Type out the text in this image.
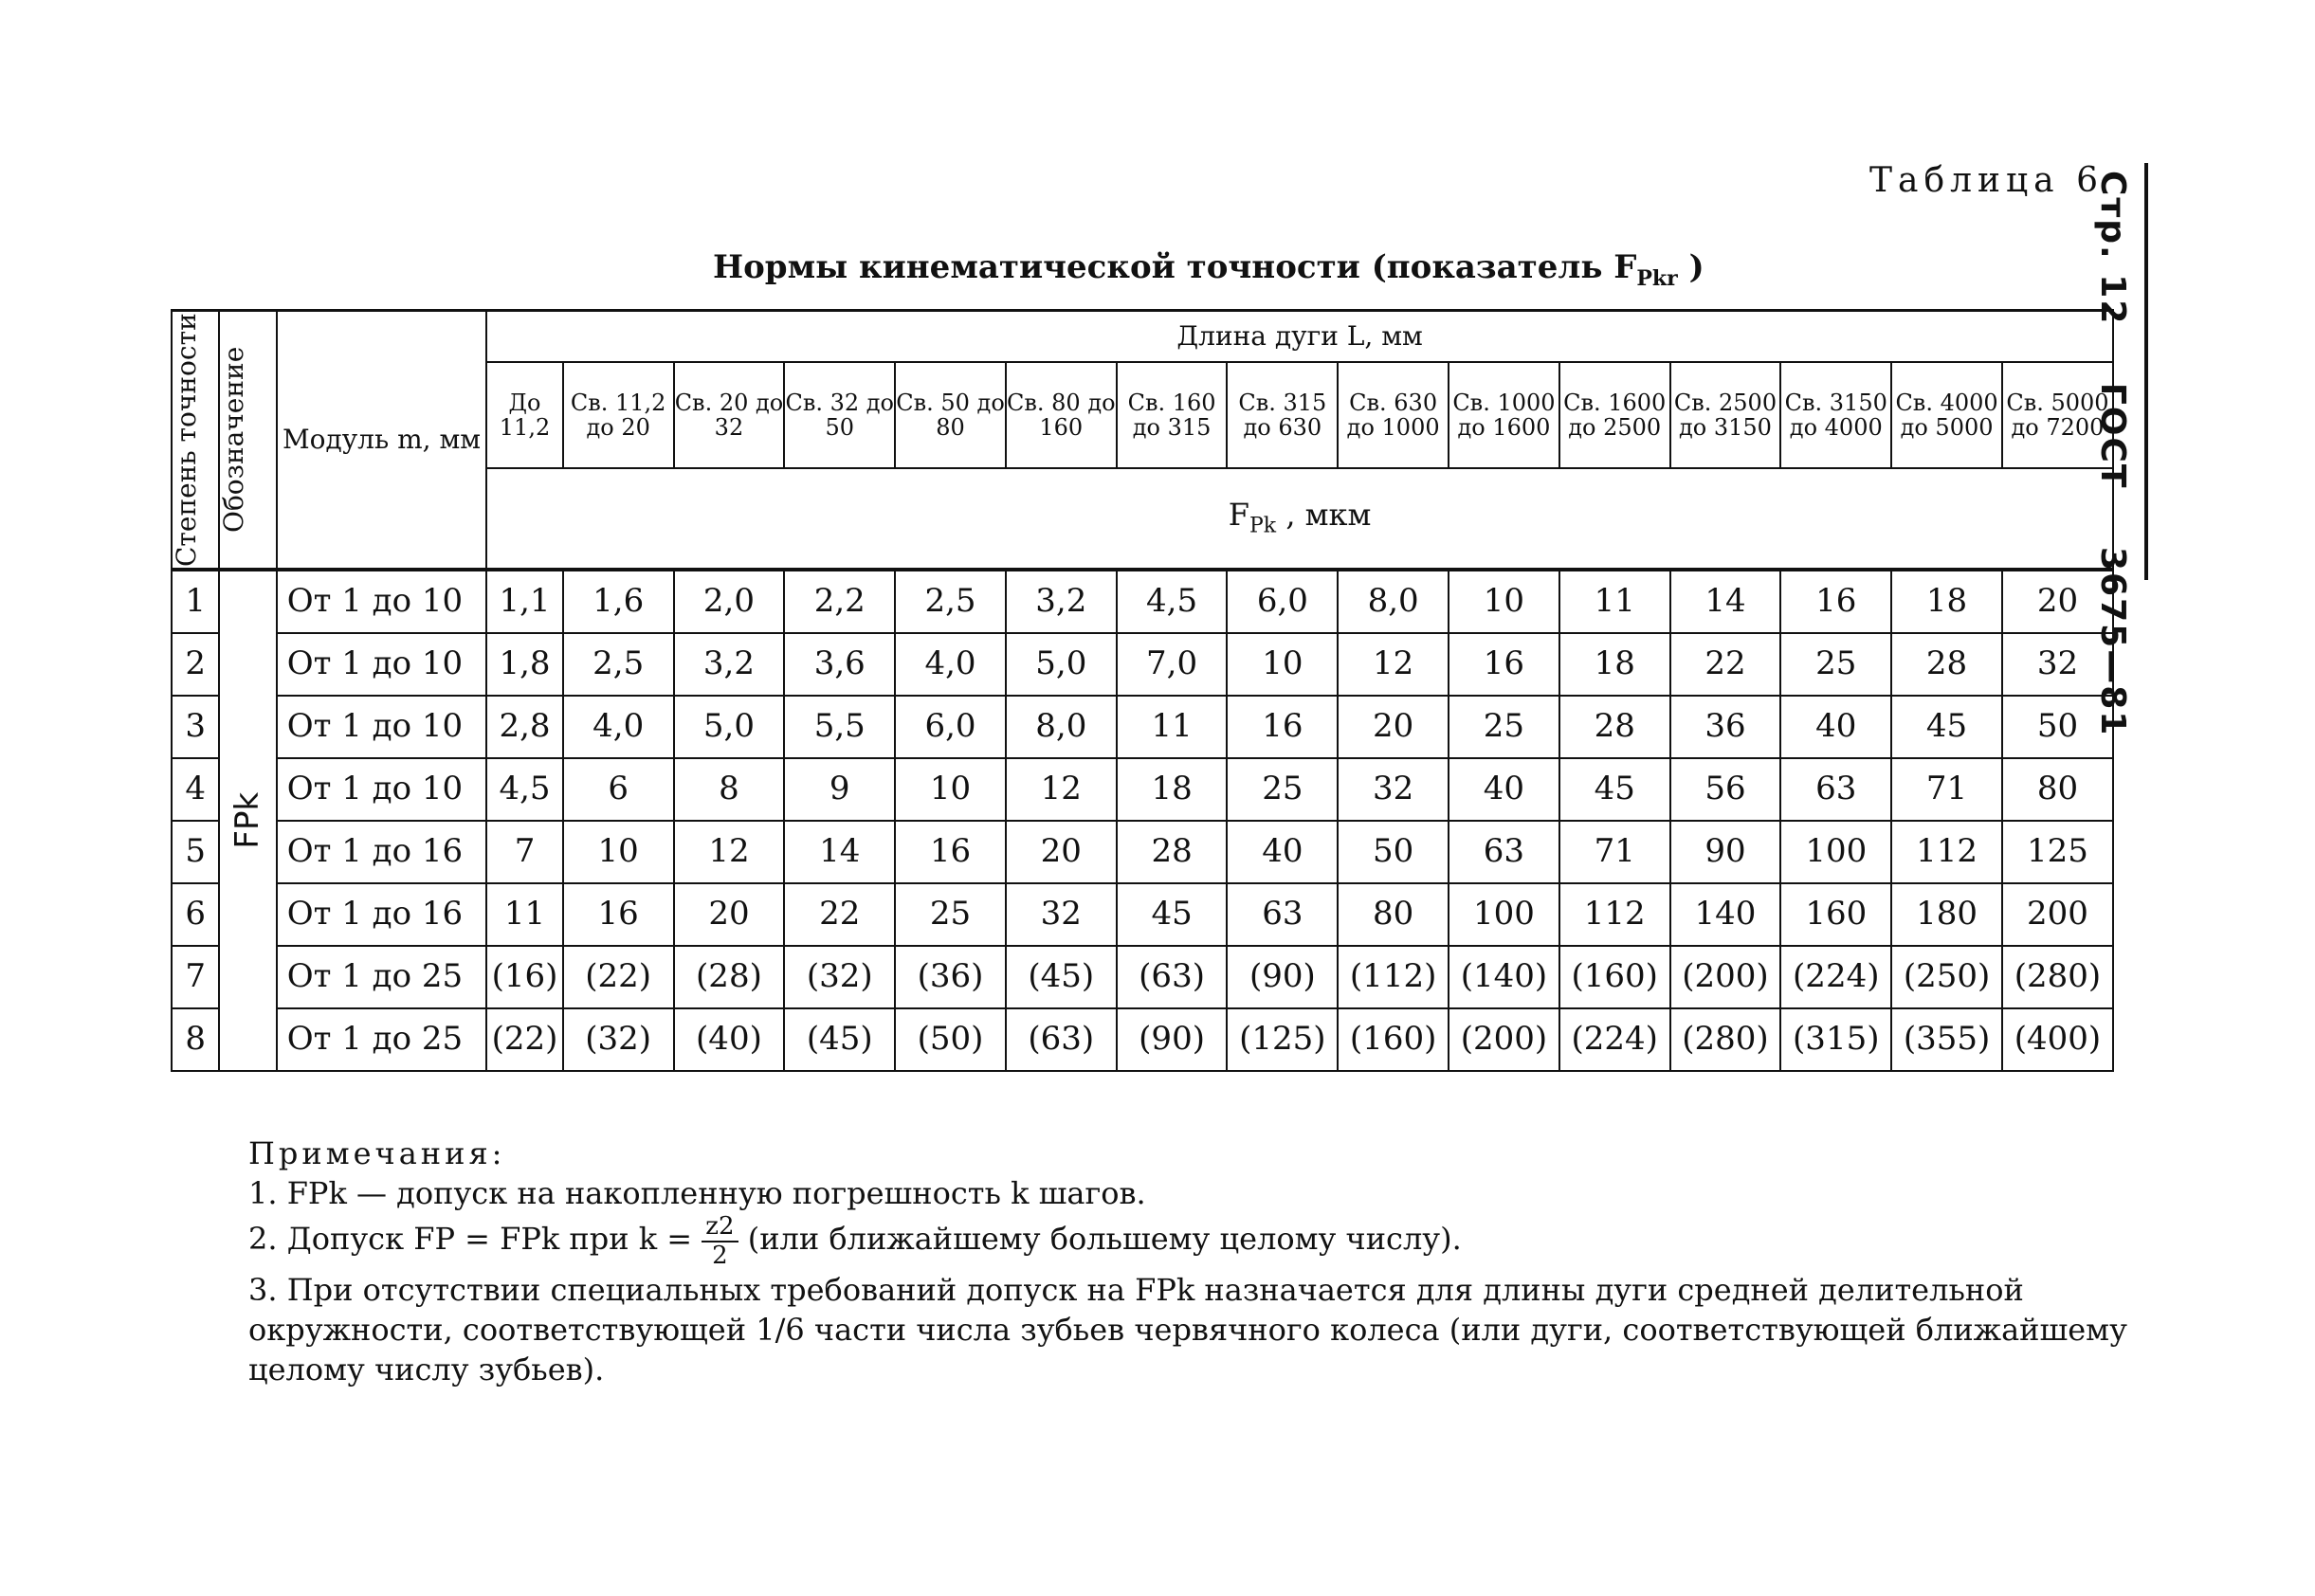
Стр. 12 ГОСТ 3675—81
Таблица 6
Нормы кинематической точности (показатель $F_{Pkr}$ )
Степень точности	Обозначение	Модуль m, мм	Длина дуги L, мм														
			До 11,2	Св. 11,2 до 20	Св. 20 до 32	Св. 32 до 50	Св. 50 до 80	Св. 80 до 160	Св. 160 до 315	Св. 315 до 630	Св. 630 до 1000	Св. 1000 до 1600	Св. 1600 до 2500	Св. 2500 до 3150	Св. 3150 до 4000	Св. 4000 до 5000	Св. 5000 до 7200
			$F_{Pk}$ , мкм														
1	FPk	От 1 до 10	1,1	1,6	2,0	2,2	2,5	3,2	4,5	6,0	8,0	10	11	14	16	18	20
2		От 1 до 10	1,8	2,5	3,2	3,6	4,0	5,0	7,0	10	12	16	18	22	25	28	32
3		От 1 до 10	2,8	4,0	5,0	5,5	6,0	8,0	11	16	20	25	28	36	40	45	50
4		От 1 до 10	4,5	6	8	9	10	12	18	25	32	40	45	56	63	71	80
5		От 1 до 16	7	10	12	14	16	20	28	40	50	63	71	90	100	112	125
6		От 1 до 16	11	16	20	22	25	32	45	63	80	100	112	140	160	180	200
7		От 1 до 25	(16)	(22)	(28)	(32)	(36)	(45)	(63)	(90)	(112)	(140)	(160)	(200)	(224)	(250)	(280)
8		От 1 до 25	(22)	(32)	(40)	(45)	(50)	(63)	(90)	(125)	(160)	(200)	(224)	(280)	(315)	(355)	(400)

Примечания:

1. FPk — допуск на накопленную погрешность k шагов.

2. Допуск FP = FPk при $k = \frac{z2}{2} (или$ ближайшему большему целому числу).

3. При отсутствии специальных требований допуск на FPk назначается для длины дуги средней делительной окружности, соответствующей 1/6 части числа зубьев червячного колеса (или дуги, соответствующей ближайшему целому числу зубьев).
